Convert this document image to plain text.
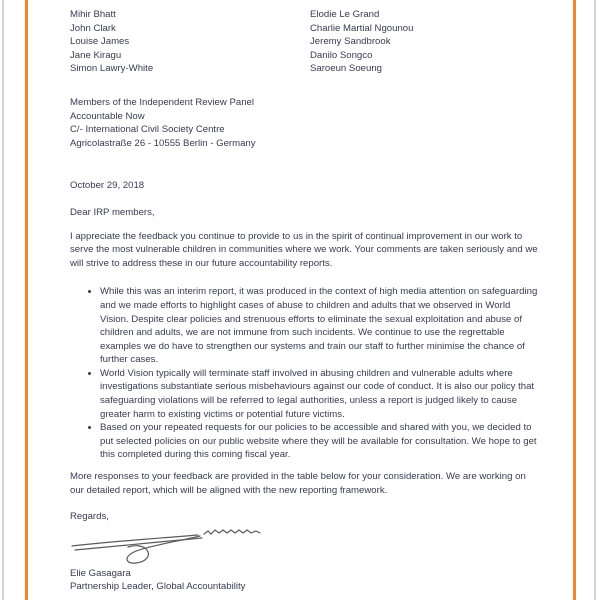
Mihir Bhatt
John Clark
Louise James
Jane Kiragu
Simon Lawry-White
Elodie Le Grand
Charlie Martial Ngounou
Jeremy Sandbrook
Danilo Songco
Saroeun Soeung
Members of the Independent Review Panel
Accountable Now
C/- International Civil Society Centre
Agricolastraße 26 - 10555 Berlin - Germany
October 29, 2018
Dear IRP members,

I appreciate the feedback you continue to provide to us in the spirit of continual improvement in our work to serve the most vulnerable children in communities where we work. Your comments are taken seriously and we will strive to address these in our future accountability reports.

• While this was an interim report, it was produced in the context of high media attention on safeguarding and we made efforts to highlight cases of abuse to children and adults that we observed in World Vision. Despite clear policies and strenuous efforts to eliminate the sexual exploitation and abuse of children and adults, we are not immune from such incidents. We continue to use the regrettable examples we do have to strengthen our systems and train our staff to further minimise the chance of further cases.
• World Vision typically will terminate staff involved in abusing children and vulnerable adults where investigations substantiate serious misbehaviours against our code of conduct. It is also our policy that safeguarding violations will be referred to legal authorities, unless a report is judged likely to cause greater harm to existing victims or potential future victims.
• Based on your repeated requests for our policies to be accessible and shared with you, we decided to put selected policies on our public website where they will be available for consultation. We hope to get this completed during this coming fiscal year.

More responses to your feedback are provided in the table below for your consideration. We are working on our detailed report, which will be aligned with the new reporting framework.

Regards,
Elie Gasagara
Partnership Leader, Global Accountability
